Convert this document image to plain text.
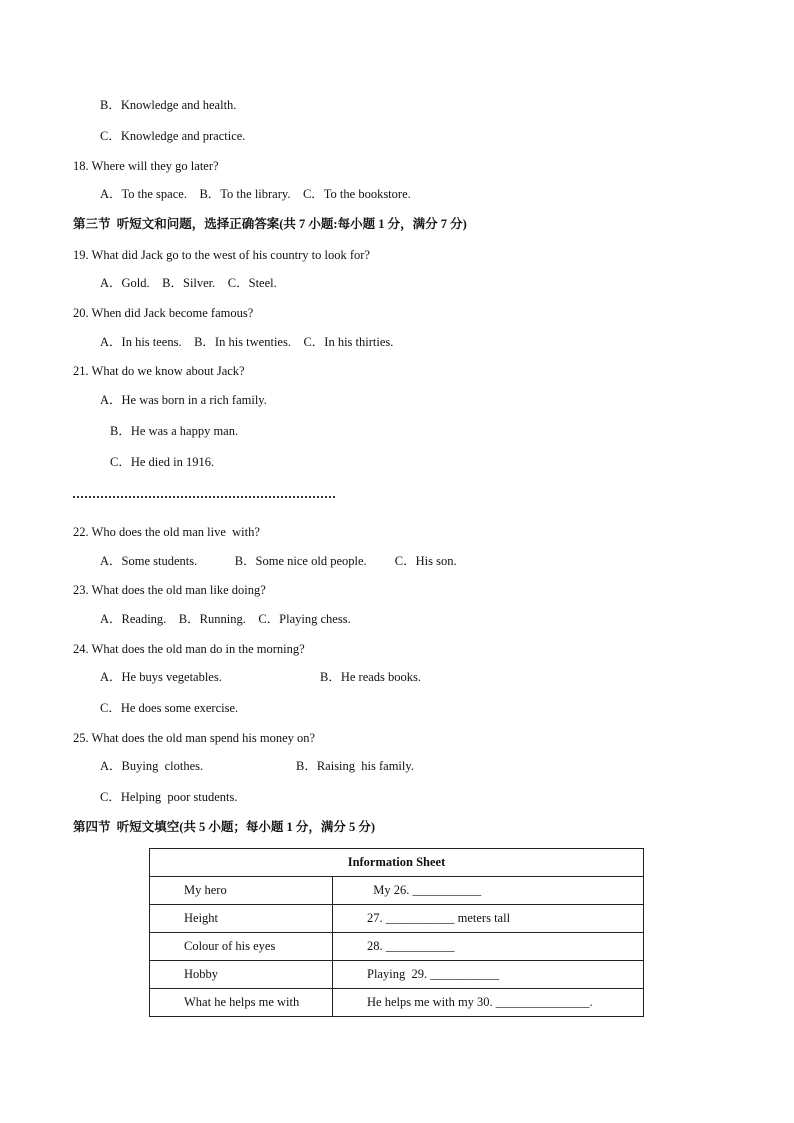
B．Knowledge and health.
C．Knowledge and practice.
18. Where will they go later?
A．To the space.    B．To the library.    C．To the bookstore.
第三节  听短文和问题，选择正确答案(共 7 小题:每小题 1 分，满分 7 分)
19. What did Jack go to the west of his country to look for?
A．Gold.    B．Silver.    C．Steel.
20. When did Jack become famous?
A．In his teens.    B．In his twenties.    C．In his thirties.
21. What do we know about Jack?
A．He was born in a rich family.
B．He was a happy man.
C．He died in 1916.
22. Who does the old man live  with?
A．Some students.            B．Some nice old people.         C．His son.
23. What does the old man like doing?
A．Reading.    B．Running.    C．Playing chess.
24. What does the old man do in the morning?
A．He buys vegetables.	B．He reads books.
C．He does some exercise.
25. What does the old man spend his money on?
A．Buying  clothes.	B．Raising  his family.
C．Helping  poor students.
第四节  听短文填空(共 5 小题；每小题 1 分，满分 5 分)
Information Sheet	
My hero	My 26. ___________
Height	27. ___________ meters tall
Colour of his eyes	28. ___________
Hobby	Playing  29. ___________
What he helps me with	He helps me with my 30. _______________.
